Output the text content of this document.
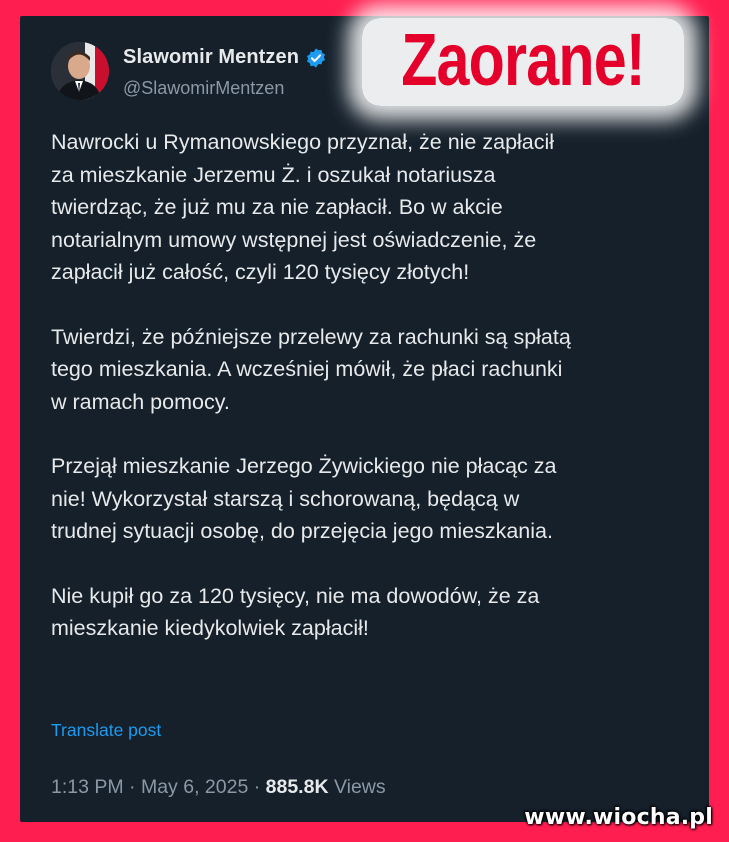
Slawomir Mentzen
@SlawomirMentzen

Nawrocki u Rymanowskiego przyznał, że nie zapłacił
za mieszkanie Jerzemu Ż. i oszukał notariusza
twierdząc, że już mu za nie zapłacił. Bo w akcie
notarialnym umowy wstępnej jest oświadczenie, że
zapłacił już całość, czyli 120 tysięcy złotych!

Twierdzi, że późniejsze przelewy za rachunki są spłatą
tego mieszkania. A wcześniej mówił, że płaci rachunki
w ramach pomocy.

Przejął mieszkanie Jerzego Żywickiego nie płacąc za
nie! Wykorzystał starszą i schorowaną, będącą w
trudnej sytuacji osobę, do przejęcia jego mieszkania.

Nie kupił go za 120 tysięcy, nie ma dowodów, że za
mieszkanie kiedykolwiek zapłacił!

Translate post
1:13 PM · May 6, 2025 · 885.8K Views
Zaorane!
www.wiocha.pl
